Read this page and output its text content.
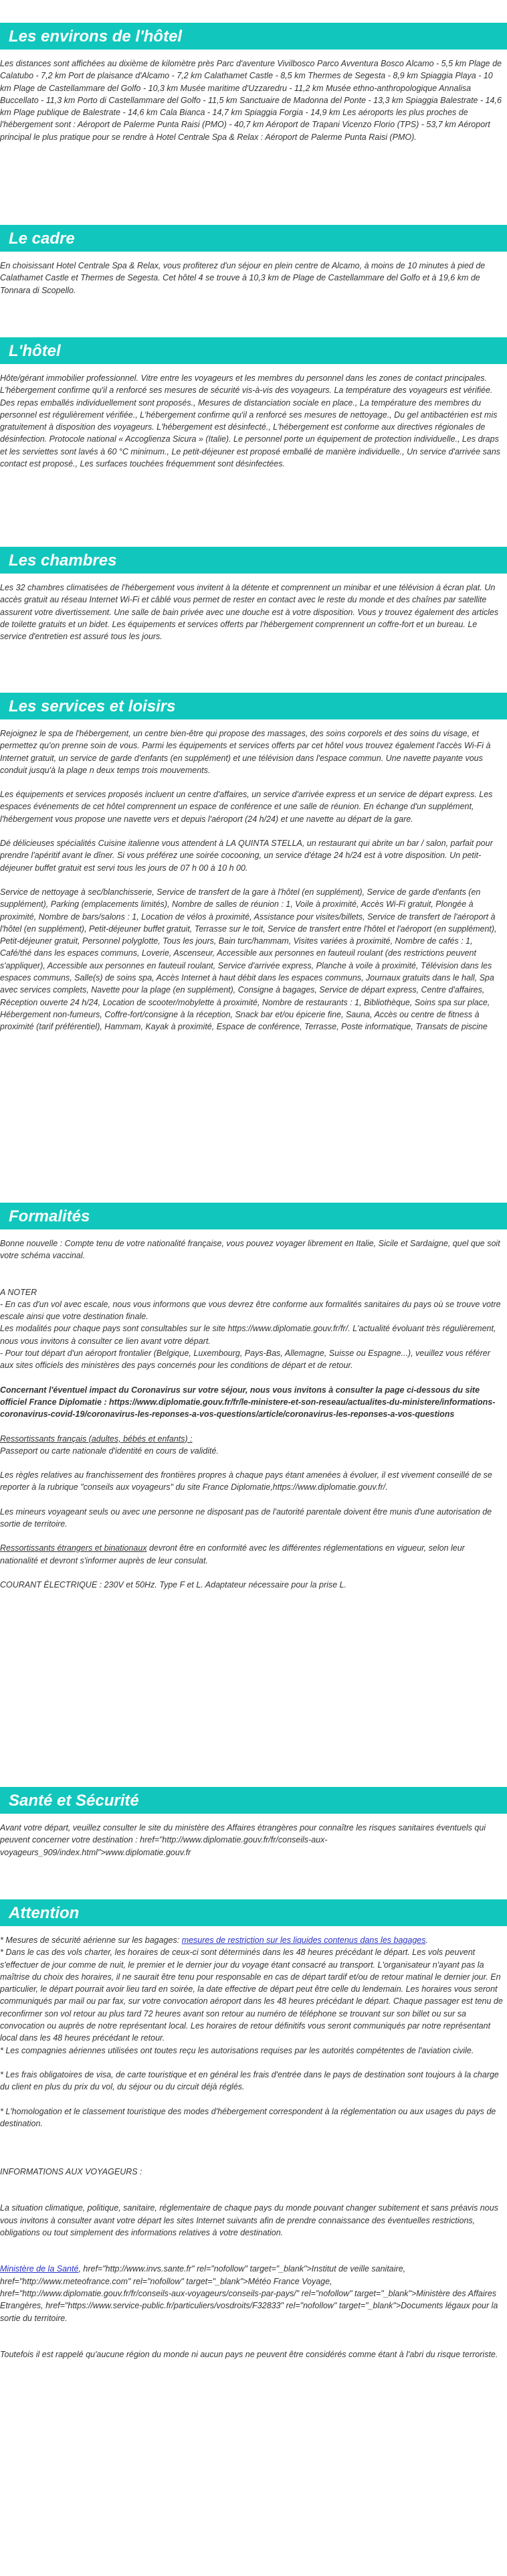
Les environs de l'hôtel

Les distances sont affichées au dixième de kilomètre près Parc d'aventure Vivilbosco Parco Avventura Bosco Alcamo - 5,5 km Plage de Calatubo - 7,2 km Port de plaisance d'Alcamo - 7,2 km Calathamet Castle - 8,5 km Thermes de Segesta - 8,9 km Spiaggia Playa - 10 km Plage de Castellammare del Golfo - 10,3 km Musée maritime d'Uzzaredru - 11,2 km Musée ethno-anthropologique Annalisa Buccellato - 11,3 km Porto di Castellammare del Golfo - 11,5 km Sanctuaire de Madonna del Ponte - 13,3 km Spiaggia Balestrate - 14,6 km Plage publique de Balestrate - 14,6 km Cala Bianca - 14,7 km Spiaggia Forgia - 14,9 km Les aéroports les plus proches de l'hébergement sont : Aéroport de Palerme Punta Raisi (PMO) - 40,7 km Aéroport de Trapani Vicenzo Florio (TPS) - 53,7 km Aéroport principal le plus pratique pour se rendre à Hotel Centrale Spa & Relax : Aéroport de Palerme Punta Raisi (PMO).

Le cadre

En choisissant Hotel Centrale Spa & Relax, vous profiterez d'un séjour en plein centre de Alcamo, à moins de 10 minutes à pied de Calathamet Castle et Thermes de Segesta. Cet hôtel 4 se trouve à 10,3 km de Plage de Castellammare del Golfo et à 19,6 km de Tonnara di Scopello.

L'hôtel

Hôte/gérant immobilier professionnel. Vitre entre les voyageurs et les membres du personnel dans les zones de contact principales. L'hébergement confirme qu'il a renforcé ses mesures de sécurité vis-à-vis des voyageurs. La température des voyageurs est vérifiée. Des repas emballés individuellement sont proposés., Mesures de distanciation sociale en place., La température des membres du personnel est régulièrement vérifiée., L'hébergement confirme qu'il a renforcé ses mesures de nettoyage., Du gel antibactérien est mis gratuitement à disposition des voyageurs. L'hébergement est désinfecté., L'hébergement est conforme aux directives régionales de désinfection. Protocole national « Accoglienza Sicura » (Italie). Le personnel porte un équipement de protection individuelle., Les draps et les serviettes sont lavés à 60 °C minimum., Le petit-déjeuner est proposé emballé de manière individuelle., Un service d'arrivée sans contact est proposé., Les surfaces touchées fréquemment sont désinfectées.

Les chambres

Les 32 chambres climatisées de l'hébergement vous invitent à la détente et comprennent un minibar et une télévision à écran plat. Un accès gratuit au réseau Internet Wi-Fi et câblé vous permet de rester en contact avec le reste du monde et des chaînes par satellite assurent votre divertissement. Une salle de bain privée avec une douche est à votre disposition. Vous y trouvez également des articles de toilette gratuits et un bidet. Les équipements et services offerts par l'hébergement comprennent un coffre-fort et un bureau. Le service d'entretien est assuré tous les jours.

Les services et loisirs

Rejoignez le spa de l'hébergement, un centre bien-être qui propose des massages, des soins corporels et des soins du visage, et permettez qu'on prenne soin de vous. Parmi les équipements et services offerts par cet hôtel vous trouvez également l'accès Wi-Fi à Internet gratuit, un service de garde d'enfants (en supplément) et une télévision dans l'espace commun. Une navette payante vous conduit jusqu'à la plage n deux temps trois mouvements.

Les équipements et services proposés incluent un centre d'affaires, un service d'arrivée express et un service de départ express. Les espaces événements de cet hôtel comprennent un espace de conférence et une salle de réunion. En échange d'un supplément, l'hébergement vous propose une navette vers et depuis l'aéroport (24 h/24) et une navette au départ de la gare.

Dé délicieuses spécialités Cuisine italienne vous attendent à LA QUINTA STELLA, un restaurant qui abrite un bar / salon, parfait pour prendre l'apéritif avant le dîner. Si vous préférez une soirée cocooning, un service d'étage 24 h/24 est à votre disposition. Un petit-déjeuner buffet gratuit est servi tous les jours de 07 h 00 à 10 h 00.

Service de nettoyage à sec/blanchisserie, Service de transfert de la gare à l'hôtel (en supplément), Service de garde d'enfants (en supplément), Parking (emplacements limités), Nombre de salles de réunion : 1, Voile à proximité, Accès Wi-Fi gratuit, Plongée à proximité, Nombre de bars/salons : 1, Location de vélos à proximité, Assistance pour visites/billets, Service de transfert de l'aéroport à l'hôtel (en supplément), Petit-déjeuner buffet gratuit, Terrasse sur le toit, Service de transfert entre l'hôtel et l'aéroport (en supplément), Petit-déjeuner gratuit, Personnel polyglotte, Tous les jours, Bain turc/hammam, Visites variées à proximité, Nombre de cafés : 1, Café/thé dans les espaces communs, Loverie, Ascenseur, Accessible aux personnes en fauteuil roulant (des restrictions peuvent s'appliquer), Accessible aux personnes en fauteuil roulant, Service d'arrivée express, Planche à voile à proximité, Télévision dans les espaces communs, Salle(s) de soins spa, Accès Internet à haut débit dans les espaces communs, Journaux gratuits dans le hall, Spa avec services complets, Navette pour la plage (en supplément), Consigne à bagages, Service de départ express, Centre d'affaires, Réception ouverte 24 h/24, Location de scooter/mobylette à proximité, Nombre de restaurants : 1, Bibliothèque, Soins spa sur place, Hébergement non-fumeurs, Coffre-fort/consigne à la réception, Snack bar et/ou épicerie fine, Sauna, Accès ou centre de fitness à proximité (tarif préférentiel), Hammam, Kayak à proximité, Espace de conférence, Terrasse, Poste informatique, Transats de piscine

Formalités

Bonne nouvelle : Compte tenu de votre nationalité française, vous pouvez voyager librement en Italie, Sicile et Sardaigne, quel que soit votre schéma vaccinal.

A NOTER

- En cas d'un vol avec escale, nous vous informons que vous devrez être conforme aux formalités sanitaires du pays où se trouve votre escale ainsi que votre destination finale.

Les modalités pour chaque pays sont consultables sur le site https://www.diplomatie.gouv.fr/fr/. L'actualité évoluant très régulièrement, nous vous invitons à consulter ce lien avant votre départ.

- Pour tout départ d'un aéroport frontalier (Belgique, Luxembourg, Pays-Bas, Allemagne, Suisse ou Espagne...), veuillez vous référer aux sites officiels des ministères des pays concernés pour les conditions de départ et de retour.

Concernant l'éventuel impact du Coronavirus sur votre séjour, nous vous invitons à consulter la page ci-dessous du site officiel France Diplomatie : https://www.diplomatie.gouv.fr/fr/le-ministere-et-son-reseau/actualites-du-ministere/informations-coronavirus-covid-19/coronavirus-les-reponses-a-vos-questions/article/coronavirus-les-reponses-a-vos-questions

Ressortissants français (adultes, bébés et enfants) :

Passeport ou carte nationale d'identité en cours de validité.

Les règles relatives au franchissement des frontières propres à chaque pays étant amenées à évoluer, il est vivement conseillé de se reporter à la rubrique "conseils aux voyageurs" du site France Diplomatie,https://www.diplomatie.gouv.fr/.

Les mineurs voyageant seuls ou avec une personne ne disposant pas de l'autorité parentale doivent être munis d'une autorisation de sortie de territoire.

Ressortissants étrangers et binationaux devront être en conformité avec les différentes réglementations en vigueur, selon leur nationalité et devront s'informer auprès de leur consulat.

COURANT ÉLECTRIQUE : 230V et 50Hz. Type F et L. Adaptateur nécessaire pour la prise L.

Santé et Sécurité

Avant votre départ, veuillez consulter le site du ministère des Affaires étrangères pour connaître les risques sanitaires éventuels qui peuvent concerner votre destination : href="http://www.diplomatie.gouv.fr/fr/conseils-aux-voyageurs_909/index.html">www.diplomatie.gouv.fr

Attention

* Mesures de sécurité aérienne sur les bagages: mesures de restriction sur les liquides contenus dans les bagages.

* Dans le cas des vols charter, les horaires de ceux-ci sont déterminés dans les 48 heures précédant le départ. Les vols peuvent s'effectuer de jour comme de nuit, le premier et le dernier jour du voyage étant consacré au transport. L'organisateur n'ayant pas la maîtrise du choix des horaires, il ne saurait être tenu pour responsable en cas de départ tardif et/ou de retour matinal le dernier jour. En particulier, le départ pourrait avoir lieu tard en soirée, la date effective de départ peut être celle du lendemain. Les horaires vous seront communiqués par mail ou par fax, sur votre convocation aéroport dans les 48 heures précédant le départ. Chaque passager est tenu de reconfirmer son vol retour au plus tard 72 heures avant son retour au numéro de téléphone se trouvant sur son billet ou sur sa convocation ou auprès de notre représentant local. Les horaires de retour définitifs vous seront communiqués par notre représentant local dans les 48 heures précédant le retour.

* Les compagnies aériennes utilisées ont toutes reçu les autorisations requises par les autorités compétentes de l'aviation civile.

* Les frais obligatoires de visa, de carte touristique et en général les frais d'entrée dans le pays de destination sont toujours à la charge du client en plus du prix du vol, du séjour ou du circuit déjà réglés.

* L'homologation et le classement touristique des modes d'hébergement correspondent à la réglementation ou aux usages du pays de destination.

INFORMATIONS AUX VOYAGEURS :

La situation climatique, politique, sanitaire, réglementaire de chaque pays du monde pouvant changer subitement et sans préavis nous vous invitons à consulter avant votre départ les sites Internet suivants afin de prendre connaissance des éventuelles restrictions, obligations ou tout simplement des informations relatives à votre destination.

Ministère de la Santé, href="http://www.invs.sante.fr" rel="nofollow" target="_blank">Institut de veille sanitaire, href="http://www.meteofrance.com" rel="nofollow" target="_blank">Météo France Voyage, href="http://www.diplomatie.gouv.fr/fr/conseils-aux-voyageurs/conseils-par-pays/" rel="nofollow" target="_blank">Ministère des Affaires Etrangères, href="https://www.service-public.fr/particuliers/vosdroits/F32833" rel="nofollow" target="_blank">Documents légaux pour la sortie du territoire.

Toutefois il est rappelé qu'aucune région du monde ni aucun pays ne peuvent être considérés comme étant à l'abri du risque terroriste.
